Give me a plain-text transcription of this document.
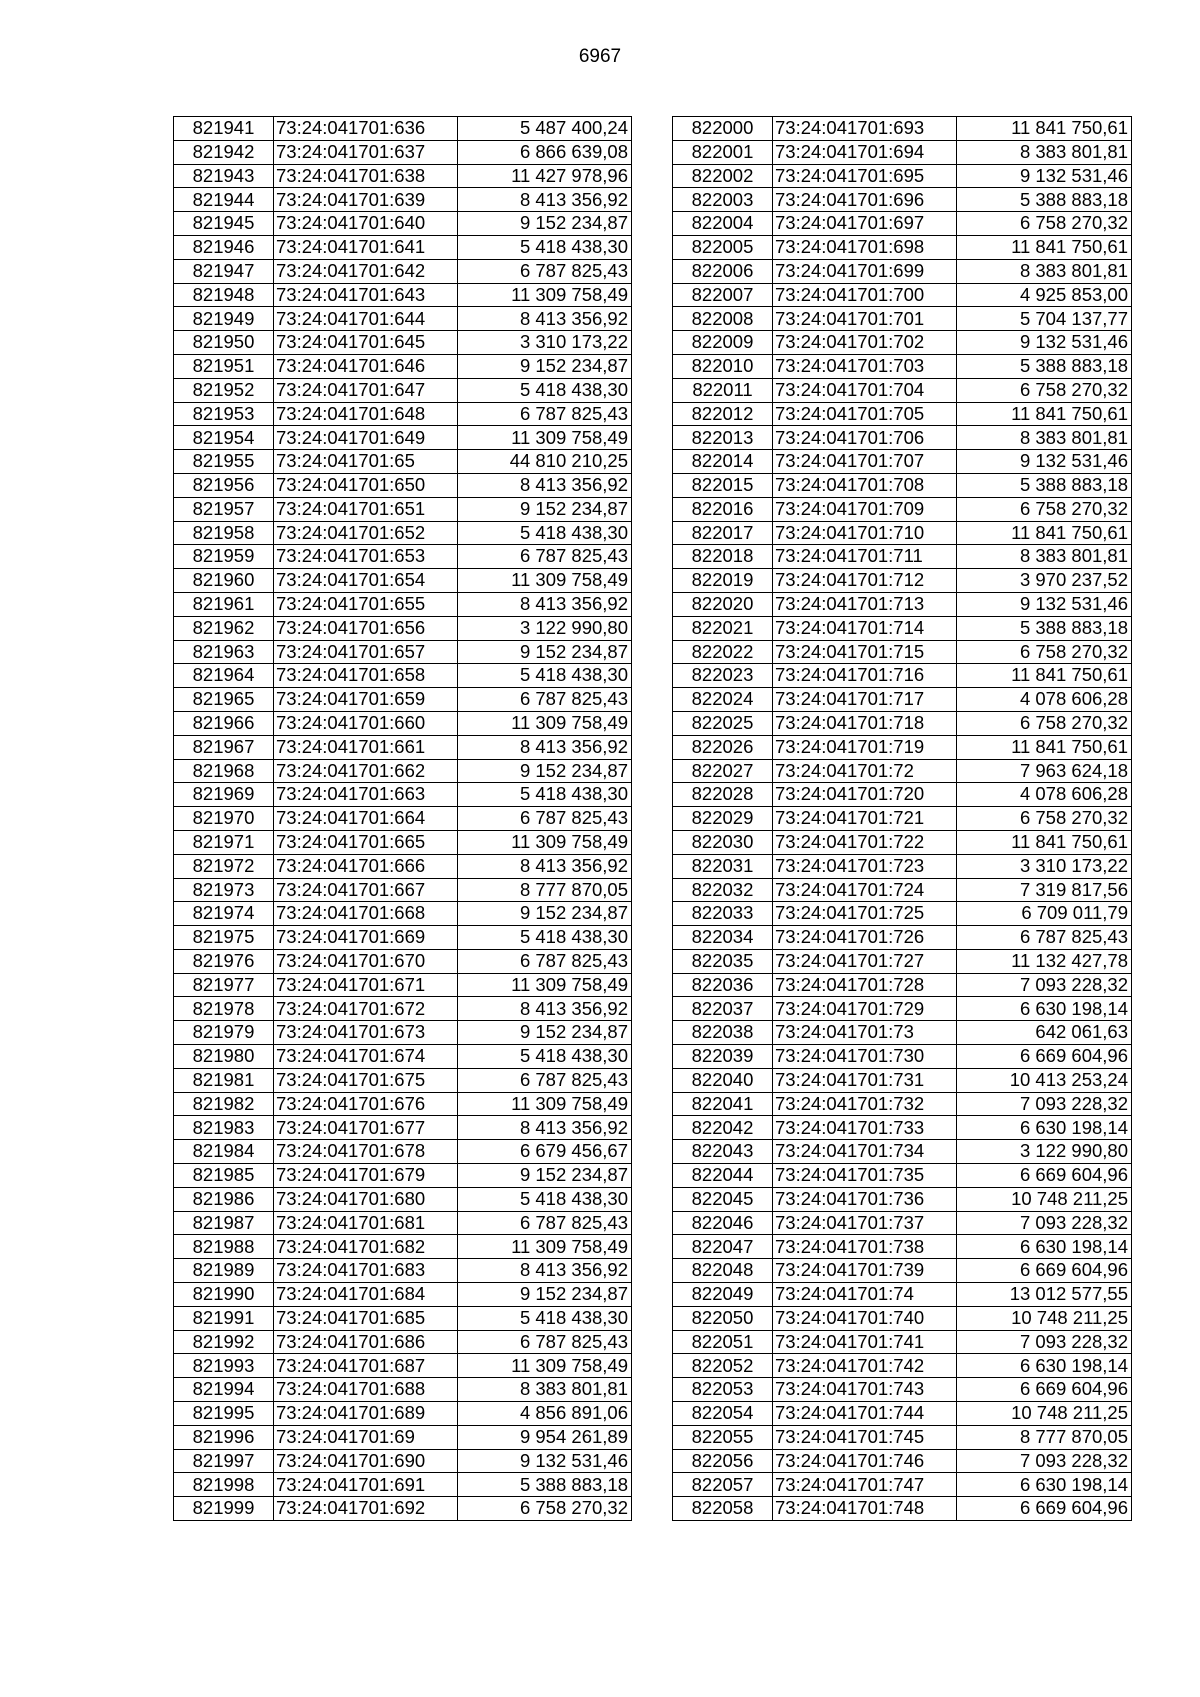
6967
821941	73:24:041701:636	5 487 400,24
821942	73:24:041701:637	6 866 639,08
821943	73:24:041701:638	11 427 978,96
821944	73:24:041701:639	8 413 356,92
821945	73:24:041701:640	9 152 234,87
821946	73:24:041701:641	5 418 438,30
821947	73:24:041701:642	6 787 825,43
821948	73:24:041701:643	11 309 758,49
821949	73:24:041701:644	8 413 356,92
821950	73:24:041701:645	3 310 173,22
821951	73:24:041701:646	9 152 234,87
821952	73:24:041701:647	5 418 438,30
821953	73:24:041701:648	6 787 825,43
821954	73:24:041701:649	11 309 758,49
821955	73:24:041701:65	44 810 210,25
821956	73:24:041701:650	8 413 356,92
821957	73:24:041701:651	9 152 234,87
821958	73:24:041701:652	5 418 438,30
821959	73:24:041701:653	6 787 825,43
821960	73:24:041701:654	11 309 758,49
821961	73:24:041701:655	8 413 356,92
821962	73:24:041701:656	3 122 990,80
821963	73:24:041701:657	9 152 234,87
821964	73:24:041701:658	5 418 438,30
821965	73:24:041701:659	6 787 825,43
821966	73:24:041701:660	11 309 758,49
821967	73:24:041701:661	8 413 356,92
821968	73:24:041701:662	9 152 234,87
821969	73:24:041701:663	5 418 438,30
821970	73:24:041701:664	6 787 825,43
821971	73:24:041701:665	11 309 758,49
821972	73:24:041701:666	8 413 356,92
821973	73:24:041701:667	8 777 870,05
821974	73:24:041701:668	9 152 234,87
821975	73:24:041701:669	5 418 438,30
821976	73:24:041701:670	6 787 825,43
821977	73:24:041701:671	11 309 758,49
821978	73:24:041701:672	8 413 356,92
821979	73:24:041701:673	9 152 234,87
821980	73:24:041701:674	5 418 438,30
821981	73:24:041701:675	6 787 825,43
821982	73:24:041701:676	11 309 758,49
821983	73:24:041701:677	8 413 356,92
821984	73:24:041701:678	6 679 456,67
821985	73:24:041701:679	9 152 234,87
821986	73:24:041701:680	5 418 438,30
821987	73:24:041701:681	6 787 825,43
821988	73:24:041701:682	11 309 758,49
821989	73:24:041701:683	8 413 356,92
821990	73:24:041701:684	9 152 234,87
821991	73:24:041701:685	5 418 438,30
821992	73:24:041701:686	6 787 825,43
821993	73:24:041701:687	11 309 758,49
821994	73:24:041701:688	8 383 801,81
821995	73:24:041701:689	4 856 891,06
821996	73:24:041701:69	9 954 261,89
821997	73:24:041701:690	9 132 531,46
821998	73:24:041701:691	5 388 883,18
821999	73:24:041701:692	6 758 270,32
822000	73:24:041701:693	11 841 750,61
822001	73:24:041701:694	8 383 801,81
822002	73:24:041701:695	9 132 531,46
822003	73:24:041701:696	5 388 883,18
822004	73:24:041701:697	6 758 270,32
822005	73:24:041701:698	11 841 750,61
822006	73:24:041701:699	8 383 801,81
822007	73:24:041701:700	4 925 853,00
822008	73:24:041701:701	5 704 137,77
822009	73:24:041701:702	9 132 531,46
822010	73:24:041701:703	5 388 883,18
822011	73:24:041701:704	6 758 270,32
822012	73:24:041701:705	11 841 750,61
822013	73:24:041701:706	8 383 801,81
822014	73:24:041701:707	9 132 531,46
822015	73:24:041701:708	5 388 883,18
822016	73:24:041701:709	6 758 270,32
822017	73:24:041701:710	11 841 750,61
822018	73:24:041701:711	8 383 801,81
822019	73:24:041701:712	3 970 237,52
822020	73:24:041701:713	9 132 531,46
822021	73:24:041701:714	5 388 883,18
822022	73:24:041701:715	6 758 270,32
822023	73:24:041701:716	11 841 750,61
822024	73:24:041701:717	4 078 606,28
822025	73:24:041701:718	6 758 270,32
822026	73:24:041701:719	11 841 750,61
822027	73:24:041701:72	7 963 624,18
822028	73:24:041701:720	4 078 606,28
822029	73:24:041701:721	6 758 270,32
822030	73:24:041701:722	11 841 750,61
822031	73:24:041701:723	3 310 173,22
822032	73:24:041701:724	7 319 817,56
822033	73:24:041701:725	6 709 011,79
822034	73:24:041701:726	6 787 825,43
822035	73:24:041701:727	11 132 427,78
822036	73:24:041701:728	7 093 228,32
822037	73:24:041701:729	6 630 198,14
822038	73:24:041701:73	642 061,63
822039	73:24:041701:730	6 669 604,96
822040	73:24:041701:731	10 413 253,24
822041	73:24:041701:732	7 093 228,32
822042	73:24:041701:733	6 630 198,14
822043	73:24:041701:734	3 122 990,80
822044	73:24:041701:735	6 669 604,96
822045	73:24:041701:736	10 748 211,25
822046	73:24:041701:737	7 093 228,32
822047	73:24:041701:738	6 630 198,14
822048	73:24:041701:739	6 669 604,96
822049	73:24:041701:74	13 012 577,55
822050	73:24:041701:740	10 748 211,25
822051	73:24:041701:741	7 093 228,32
822052	73:24:041701:742	6 630 198,14
822053	73:24:041701:743	6 669 604,96
822054	73:24:041701:744	10 748 211,25
822055	73:24:041701:745	8 777 870,05
822056	73:24:041701:746	7 093 228,32
822057	73:24:041701:747	6 630 198,14
822058	73:24:041701:748	6 669 604,96
